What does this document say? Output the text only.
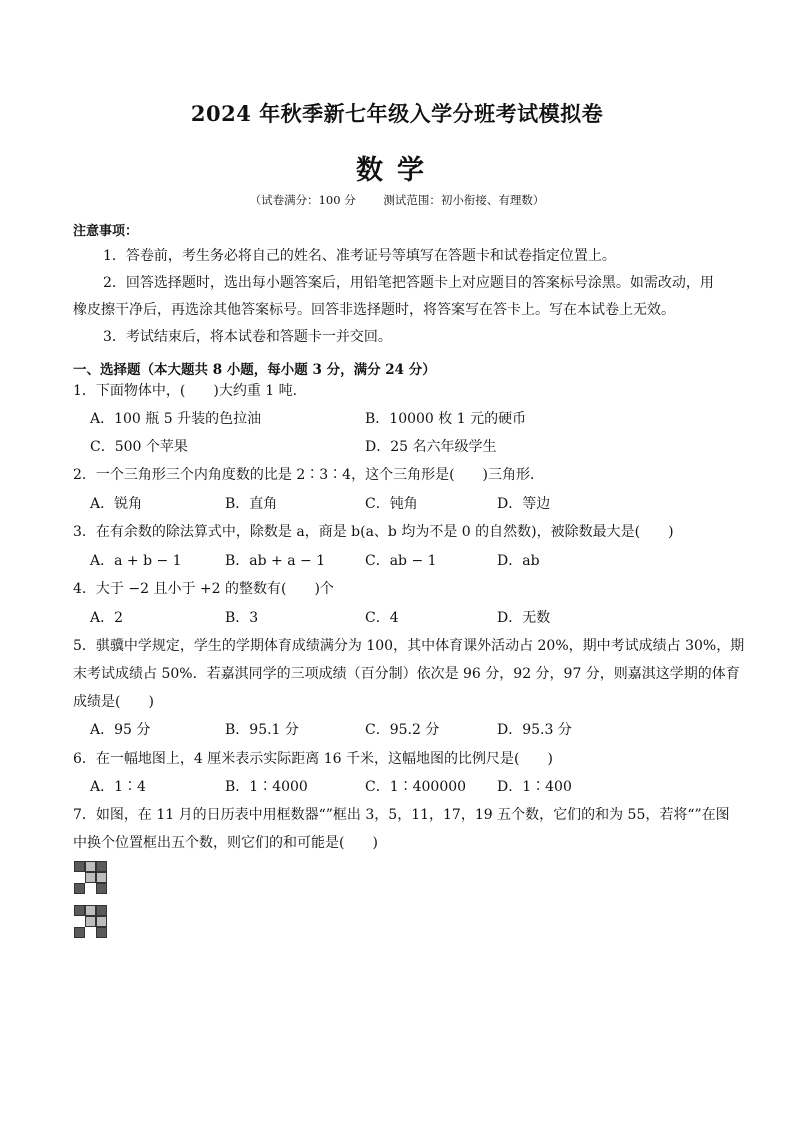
2024 年秋季新七年级入学分班考试模拟卷
数学
（试卷满分：100 分 测试范围：初小衔接、有理数）
注意事项：
1．答卷前，考生务必将自己的姓名、准考证号等填写在答题卡和试卷指定位置上。
2．回答选择题时，选出每小题答案后，用铅笔把答题卡上对应题目的答案标号涂黑。如需改动，用
橡皮擦干净后，再选涂其他答案标号。回答非选择题时，将答案写在答卡上。写在本试卷上无效。
3．考试结束后，将本试卷和答题卡一并交回。
一、选择题（本大题共 8 小题，每小题 3 分，满分 24 分）
1．下面物体中，(　　)大约重 1 吨．
A．100 瓶 5 升装的色拉油	B．10000 枚 1 元的硬币
C．500 个苹果	D．25 名六年级学生
2．一个三角形三个内角度数的比是 2∶3∶4，这个三角形是(　　)三角形．
A．锐角	B．直角	C．钝角	D．等边
3．在有余数的除法算式中，除数是 a，商是 b(a、b 均为不是 0 的自然数)，被除数最大是(　　)
A．a + b − 1	B．ab + a − 1	C．ab − 1	D．ab
4．大于 −2 且小于 +2 的整数有(　　)个
A．2	B．3	C．4	D．无数
5．骐骥中学规定，学生的学期体育成绩满分为 100，其中体育课外活动占 20%，期中考试成绩占 30%，期
末考试成绩占 50%．若嘉淇同学的三项成绩（百分制）依次是 96 分，92 分，97 分，则嘉淇这学期的体育
成绩是(　　)
A．95 分	B．95.1 分	C．95.2 分	D．95.3 分
6．在一幅地图上，4 厘米表示实际距离 16 千米，这幅地图的比例尺是(　　)
A．1∶4	B．1∶4000	C．1∶400000 D．1∶400
7．如图，在 11 月的日历表中用框数器“”框出 3，5，11，17，19 五个数，它们的和为 55，若将“”在图
中换个位置框出五个数，则它们的和可能是(　　)
